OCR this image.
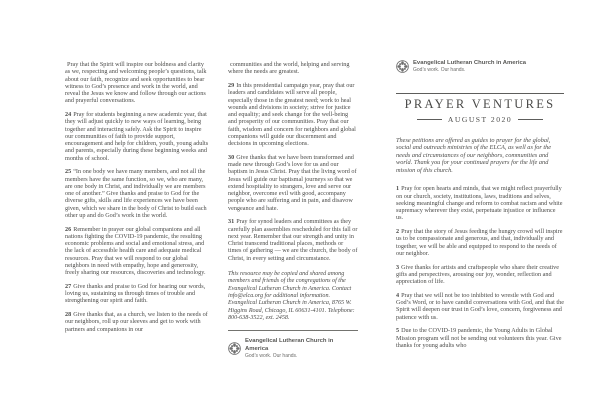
Pray that the Spirit will inspire our boldness and clarity as we, respecting and welcoming people’s questions, talk about our faith, recognize and seek opportunities to bear witness to God’s presence and work in the world, and reveal the Jesus we know and follow through our actions and prayerful conversations.

24 Pray for students beginning a new academic year, that they will adjust quickly to new ways of learning, being together and interacting safely. Ask the Spirit to inspire our communities of faith to provide support, encouragement and help for children, youth, young adults and parents, especially during these beginning weeks and months of school.

25 “In one body we have many members, and not all the members have the same function, so we, who are many, are one body in Christ, and individually we are members one of another.” Give thanks and praise to God for the diverse gifts, skills and life experiences we have been given, which we share in the body of Christ to build each other up and do God’s work in the world.

26 Remember in prayer our global companions and all nations fighting the COVID-19 pandemic, the resulting economic problems and social and emotional stress, and the lack of accessible health care and adequate medical resources. Pray that we will respond to our global neighbors in need with empathy, hope and generosity, freely sharing our resources, discoveries and technology.

27 Give thanks and praise to God for hearing our words, loving us, sustaining us through times of trouble and strengthening our spirit and faith.

28 Give thanks that, as a church, we listen to the needs of our neighbors, roll up our sleeves and get to work with partners and companions in our

communities and the world, helping and serving where the needs are greatest.

29 In this presidential campaign year, pray that our leaders and candidates will serve all people, especially those in the greatest need; work to heal wounds and divisions in society; strive for justice and equality; and seek change for the well-being and prosperity of our communities. Pray that our faith, wisdom and concern for neighbors and global companions will guide our discernment and decisions in upcoming elections.

30 Give thanks that we have been transformed and made new through God’s love for us and our baptism in Jesus Christ. Pray that the living word of Jesus will guide our baptismal journeys so that we extend hospitality to strangers, love and serve our neighbor, overcome evil with good, accompany people who are suffering and in pain, and disavow vengeance and hate.

31 Pray for synod leaders and committees as they carefully plan assemblies rescheduled for this fall or next year. Remember that our strength and unity in Christ transcend traditional places, methods or times of gathering — we are the church, the body of Christ, in every setting and circumstance.

This resource may be copied and shared among members and friends of the congregations of the Evangelical Lutheran Church in America. Contact info@elca.org for additional information. Evangelical Lutheran Church in America, 8765 W. Higgins Road, Chicago, IL 60631-4101. Telephone: 800-638-3522, ext. 2458.

Evangelical Lutheran Church in America
God’s work. Our hands.
Evangelical Lutheran Church in America
God’s work. Our hands.
PRAYER VENTURES
AUGUST 2020

These petitions are offered as guides to prayer for the global, social and outreach ministries of the ELCA, as well as for the needs and circumstances of our neighbors, communities and world. Thank you for your continued prayers for the life and mission of this church.

1 Pray for open hearts and minds, that we might reflect prayerfully on our church, society, institutions, laws, traditions and selves, seeking meaningful change and reform to combat racism and white supremacy wherever they exist, perpetuate injustice or influence us.

2 Pray that the story of Jesus feeding the hungry crowd will inspire us to be compassionate and generous, and that, individually and together, we will be able and equipped to respond to the needs of our neighbor.

3 Give thanks for artists and craftspeople who share their creative gifts and perspectives, arousing our joy, wonder, reflection and appreciation of life.

4 Pray that we will not be too inhibited to wrestle with God and God’s Word, or to have candid conversations with God, and that the Spirit will deepen our trust in God’s love, concern, forgiveness and patience with us.

5 Due to the COVID-19 pandemic, the Young Adults in Global Mission program will not be sending out volunteers this year. Give thanks for young adults who
